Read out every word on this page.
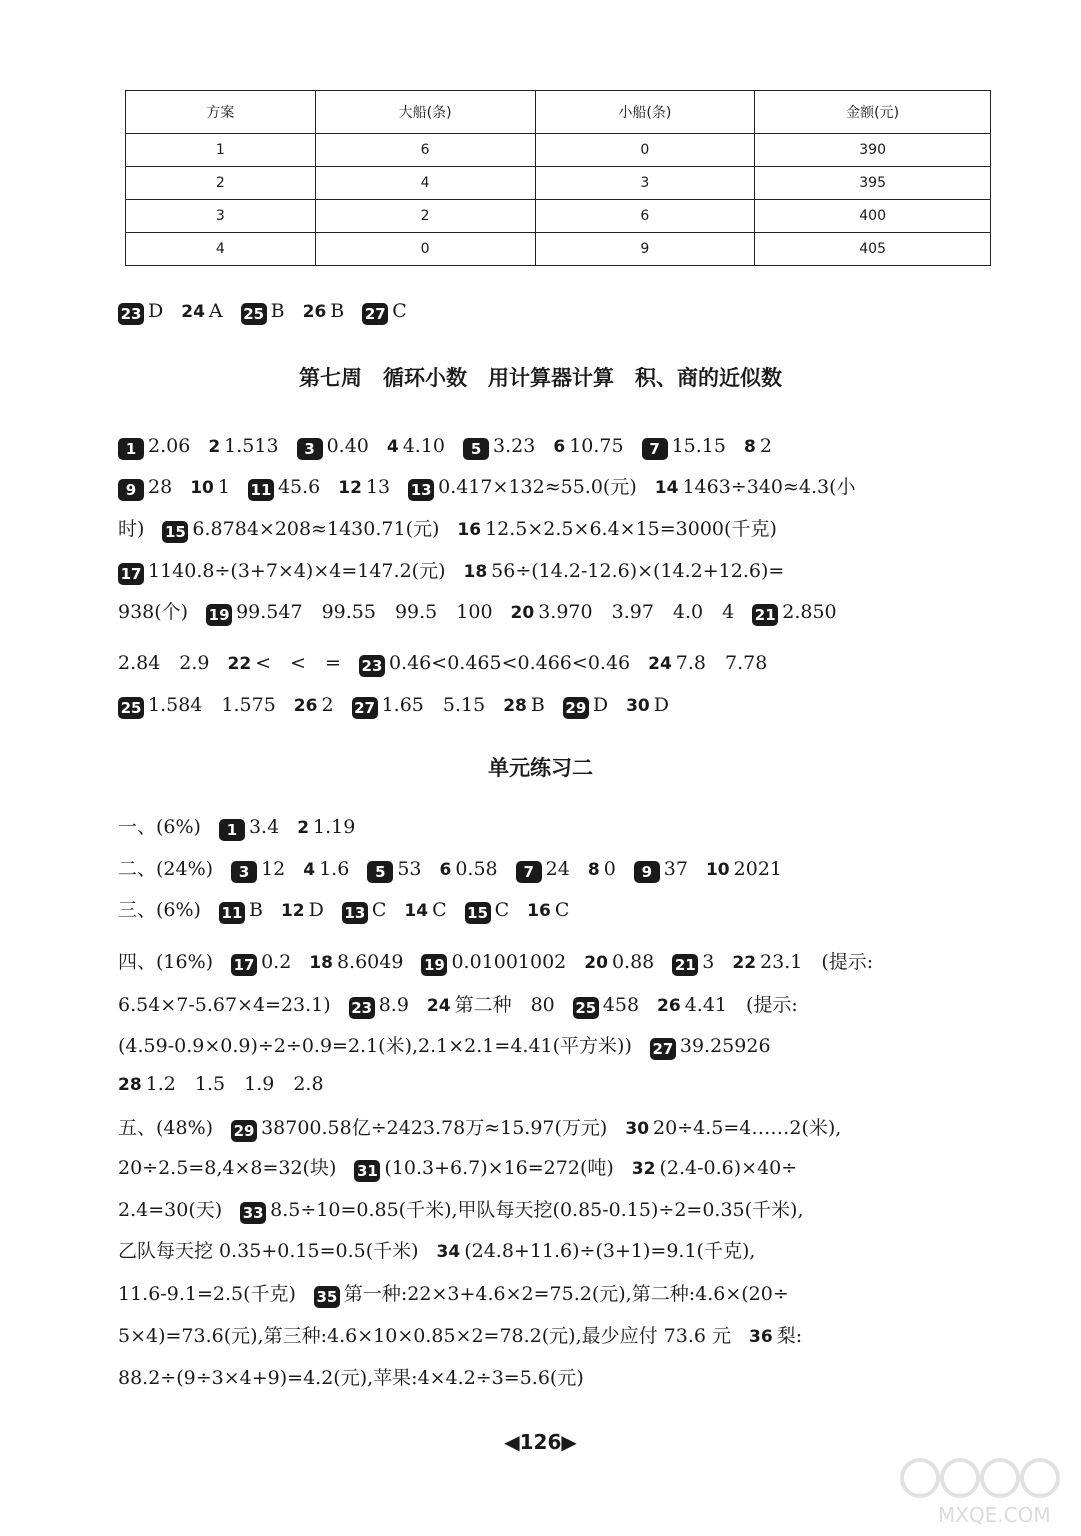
方案	大船(条)	小船(条)	金额(元)
1	6	0	390
2	4	3	395
3	2	6	400
4	0	9	405
23 D 24 A 25 B 26 B 27 C
第七周　循环小数　用计算器计算　积、商的近似数
1 2.06 2 1.513 3 0.40 4 4.10 5 3.23 6 10.75 7 15.15 8 2
9 28 10 1 11 45.6 12 13 13 0.417×132≈55.0(元) 14 1463÷340≈4.3(小
时) 15 6.8784×208≈1430.71(元) 16 12.5×2.5×6.4×15=3000(千克)
17 1140.8÷(3+7×4)×4=147.2(元) 18 56÷(14.2-12.6)×(14.2+12.6)=
938(个) 19 99.547　99.55　99.5　100 20 3.970　3.97　4.0　4 21 2.850
2.84　2.9 22 <　<　= 23 0.46<0.465<0.466<0.46 24 7.8　7.78
25 1.584　1.575 26 2 27 1.65　5.15 28 B 29 D 30 D
单元练习二
一、(6%) 1 3.4 2 1.19
二、(24%) 3 12 4 1.6 5 53 6 0.58 7 24 8 0 9 37 10 2021
三、(6%) 11 B 12 D 13 C 14 C 15 C 16 C
四、(16%) 17 0.2 18 8.6049 19 0.01001002 20 0.88 21 3 22 23.1　(提示:
6.54×7-5.67×4=23.1) 23 8.9 24 第二种　80 25 458 26 4.41　(提示:
(4.59-0.9×0.9)÷2÷0.9=2.1(米),2.1×2.1=4.41(平方米)) 27 39.25926
28 1.2　1.5　1.9　2.8
五、(48%) 29 38700.58亿÷2423.78万≈15.97(万元) 30 20÷4.5=4……2(米),
20÷2.5=8,4×8=32(块) 31 (10.3+6.7)×16=272(吨) 32 (2.4-0.6)×40÷
2.4=30(天) 33 8.5÷10=0.85(千米),甲队每天挖(0.85-0.15)÷2=0.35(千米),
乙队每天挖 0.35+0.15=0.5(千米) 34 (24.8+11.6)÷(3+1)=9.1(千克),
11.6-9.1=2.5(千克) 35 第一种:22×3+4.6×2=75.2(元),第二种:4.6×(20÷
5×4)=73.6(元),第三种:4.6×10×0.85×2=78.2(元),最少应付 73.6 元 36 梨:
88.2÷(9÷3×4+9)=4.2(元),苹果:4×4.2÷3=5.6(元)
◀126▶
MXQE.COM
